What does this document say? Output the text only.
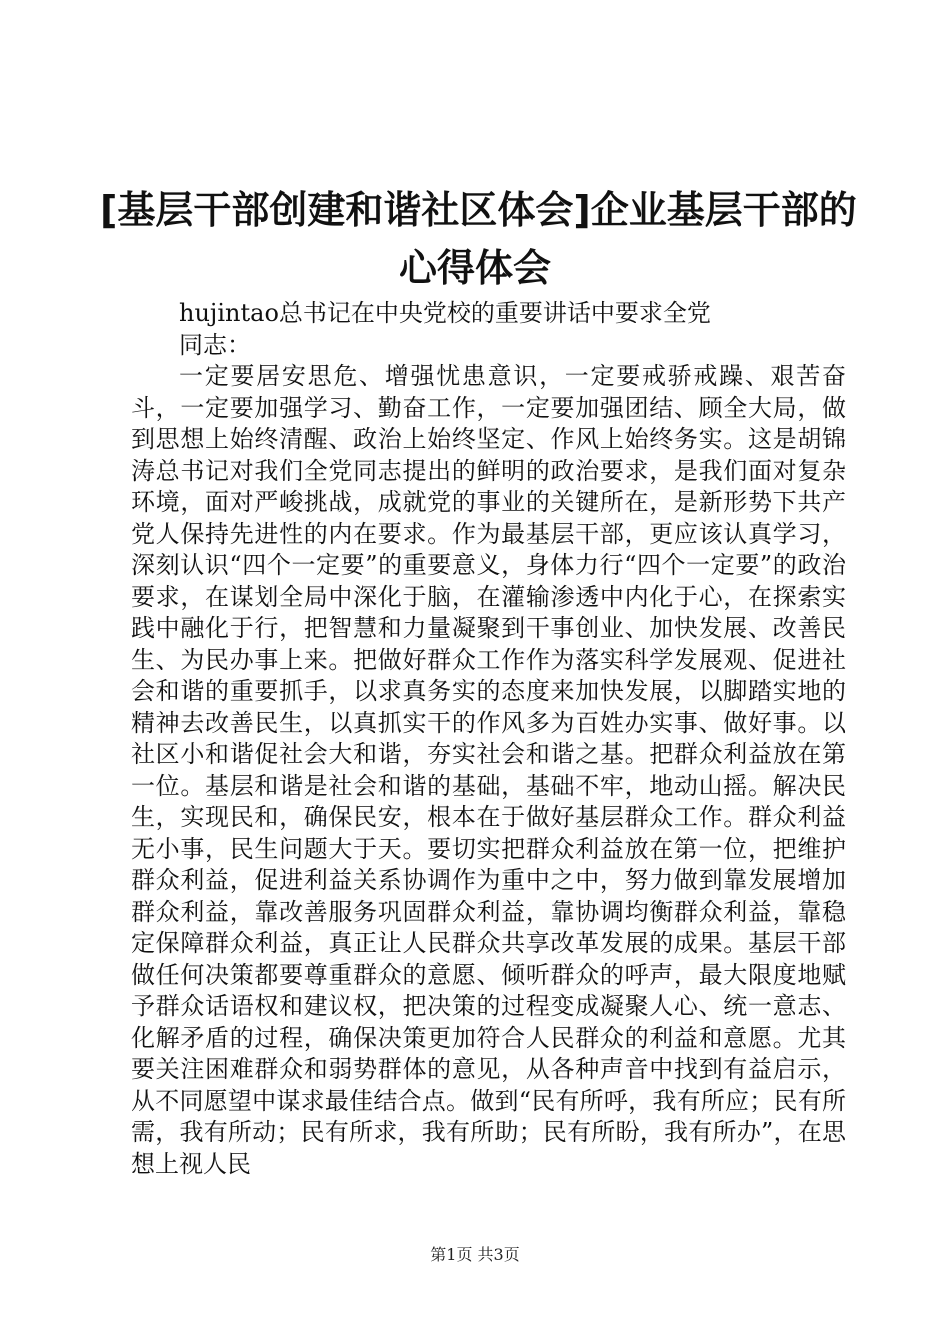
[基层干部创建和谐社区体会]企业基层干部的
心得体会

hujintao总书记在中央党校的重要讲话中要求全党

同志：

一定要居安思危、增强忧患意识，一定要戒骄戒躁、艰苦奋斗，一定要加强学习、勤奋工作，一定要加强团结、顾全大局，做到思想上始终清醒、政治上始终坚定、作风上始终务实。这是胡锦涛总书记对我们全党同志提出的鲜明的政治要求，是我们面对复杂环境，面对严峻挑战，成就党的事业的关键所在，是新形势下共产党人保持先进性的内在要求。作为最基层干部，更应该认真学习，深刻认识“四个一定要”的重要意义，身体力行“四个一定要”的政治要求，在谋划全局中深化于脑，在灌输渗透中内化于心，在探索实践中融化于行，把智慧和力量凝聚到干事创业、加快发展、改善民生、为民办事上来。把做好群众工作作为落实科学发展观、促进社会和谐的重要抓手，以求真务实的态度来加快发展，以脚踏实地的精神去改善民生，以真抓实干的作风多为百姓办实事、做好事。以社区小和谐促社会大和谐，夯实社会和谐之基。把群众利益放在第一位。基层和谐是社会和谐的基础，基础不牢，地动山摇。解决民生，实现民和，确保民安，根本在于做好基层群众工作。群众利益无小事，民生问题大于天。要切实把群众利益放在第一位，把维护群众利益，促进利益关系协调作为重中之中，努力做到靠发展增加群众利益，靠改善服务巩固群众利益，靠协调均衡群众利益，靠稳定保障群众利益，真正让人民群众共享改革发展的成果。基层干部做任何决策都要尊重群众的意愿、倾听群众的呼声，最大限度地赋予群众话语权和建议权，把决策的过程变成凝聚人心、统一意志、化解矛盾的过程，确保决策更加符合人民群众的利益和意愿。尤其要关注困难群众和弱势群体的意见，从各种声音中找到有益启示，从不同愿望中谋求最佳结合点。做到“民有所呼，我有所应；民有所需，我有所动；民有所求，我有所助；民有所盼，我有所办”，在思想上视人民

第1页 共3页
